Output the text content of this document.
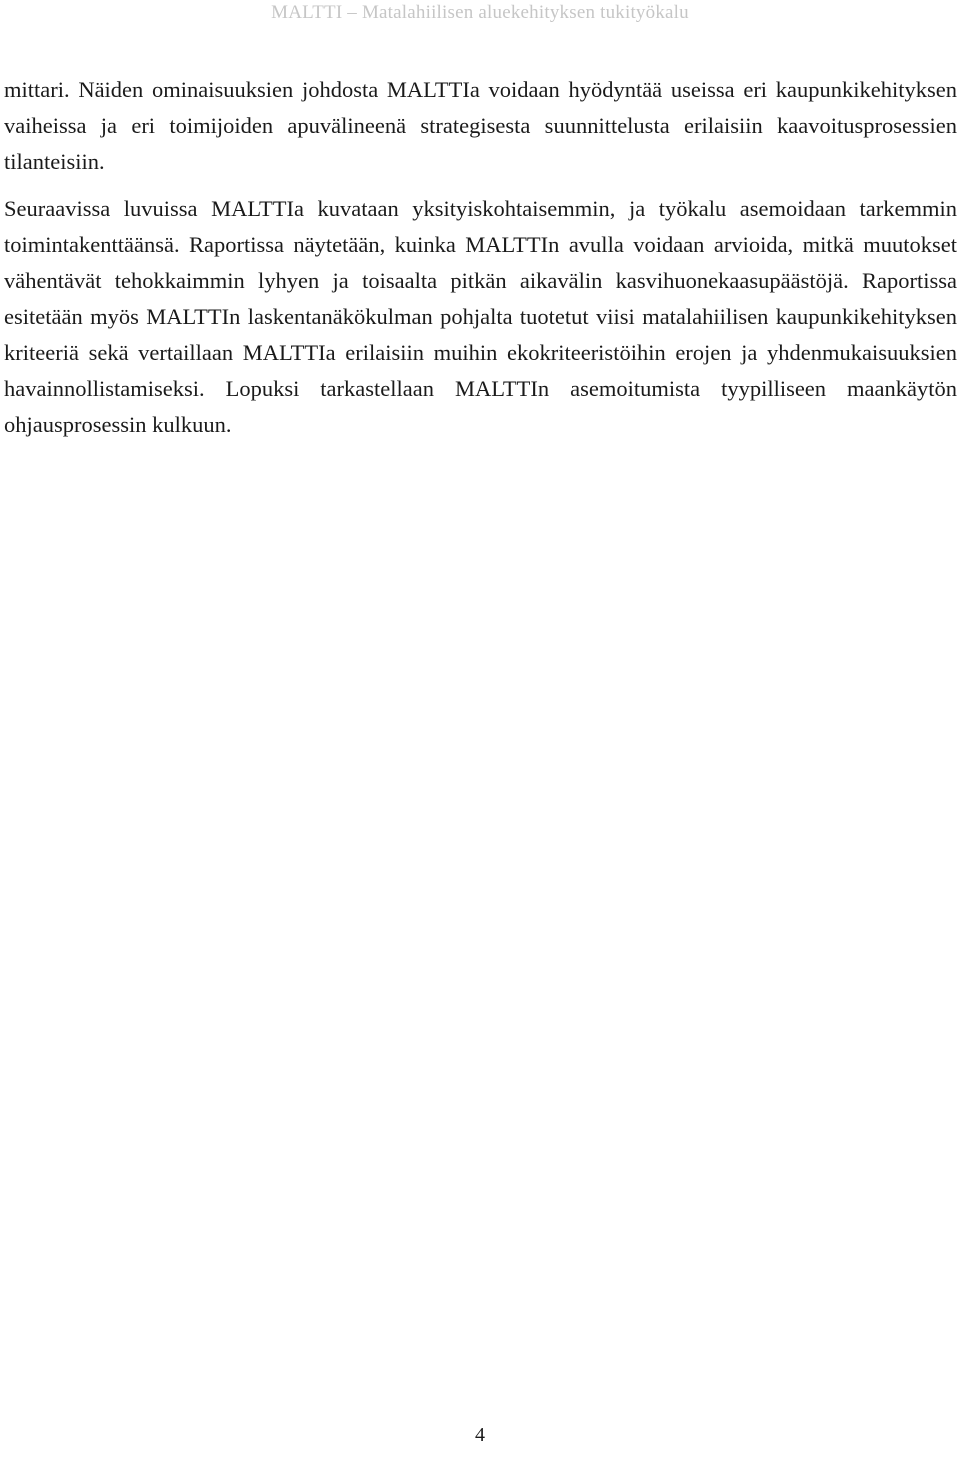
MALTTI – Matalahiilisen aluekehityksen tukityökalu

mittari. Näiden ominaisuuksien johdosta MALTTIa voidaan hyödyntää useissa eri kaupunkikehityksen vaiheissa ja eri toimijoiden apuvälineenä strategisesta suunnittelusta erilaisiin kaavoitusprosessien tilanteisiin.

Seuraavissa luvuissa MALTTIa kuvataan yksityiskohtaisemmin, ja työkalu asemoidaan tarkemmin toimintakenttäänsä. Raportissa näytetään, kuinka MALTTIn avulla voidaan arvioida, mitkä muutokset vähentävät tehokkaimmin lyhyen ja toisaalta pitkän aikavälin kasvihuonekaasupäästöjä. Raportissa esitetään myös MALTTIn laskentanäkökulman pohjalta tuotetut viisi matalahiilisen kaupunkikehityksen kriteeriä sekä vertaillaan MALTTIa erilaisiin muihin ekokriteeristöihin erojen ja yhdenmukaisuuksien havainnollistamiseksi. Lopuksi tarkastellaan MALTTIn asemoitumista tyypilliseen maankäytön ohjausprosessin kulkuun.

4
